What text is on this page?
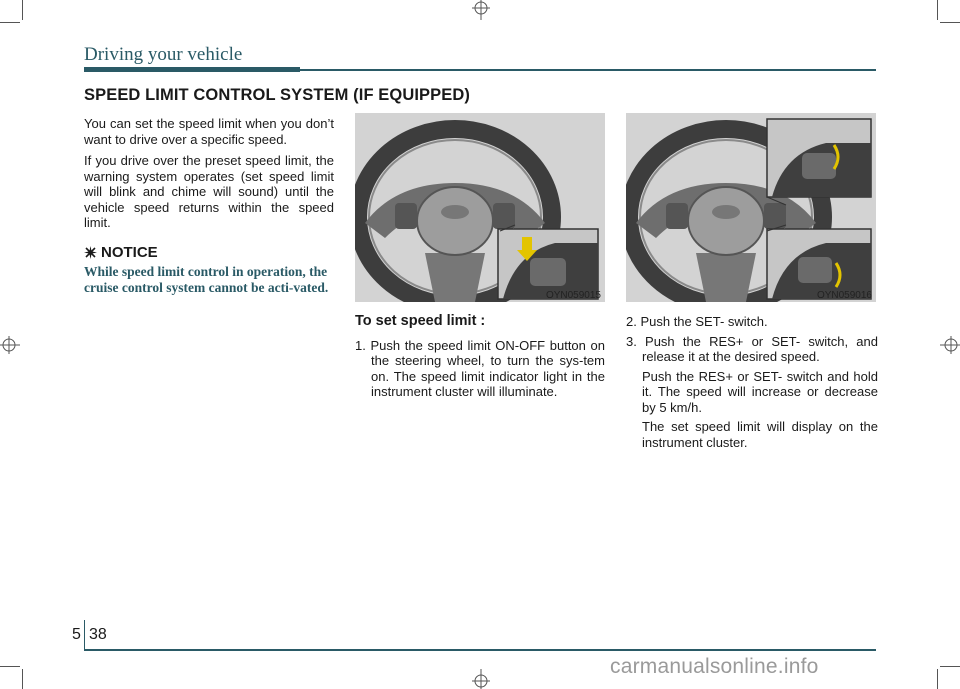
Driving your vehicle
SPEED LIMIT CONTROL SYSTEM (IF EQUIPPED)

You can set the speed limit when you don’t want to drive over a specific speed.

If you drive over the preset speed limit, the warning system operates (set speed limit will blink and chime will sound) until the vehicle speed returns within the speed limit.

NOTICE

While speed limit control in operation, the cruise control system cannot be acti-vated.

OYN059015	OYN059016

To set speed limit :

1. Push the speed limit ON-OFF button on the steering wheel, to turn the sys-tem on. The speed limit indicator light in the instrument cluster will illuminate.

2. Push the SET- switch.

3. Push the RES+ or SET- switch, and release it at the desired speed.

Push the RES+ or SET- switch and hold it. The speed will increase or decrease by 5 km/h.

The set speed limit will display on the instrument cluster.

5 38
carmanualsonline.info
